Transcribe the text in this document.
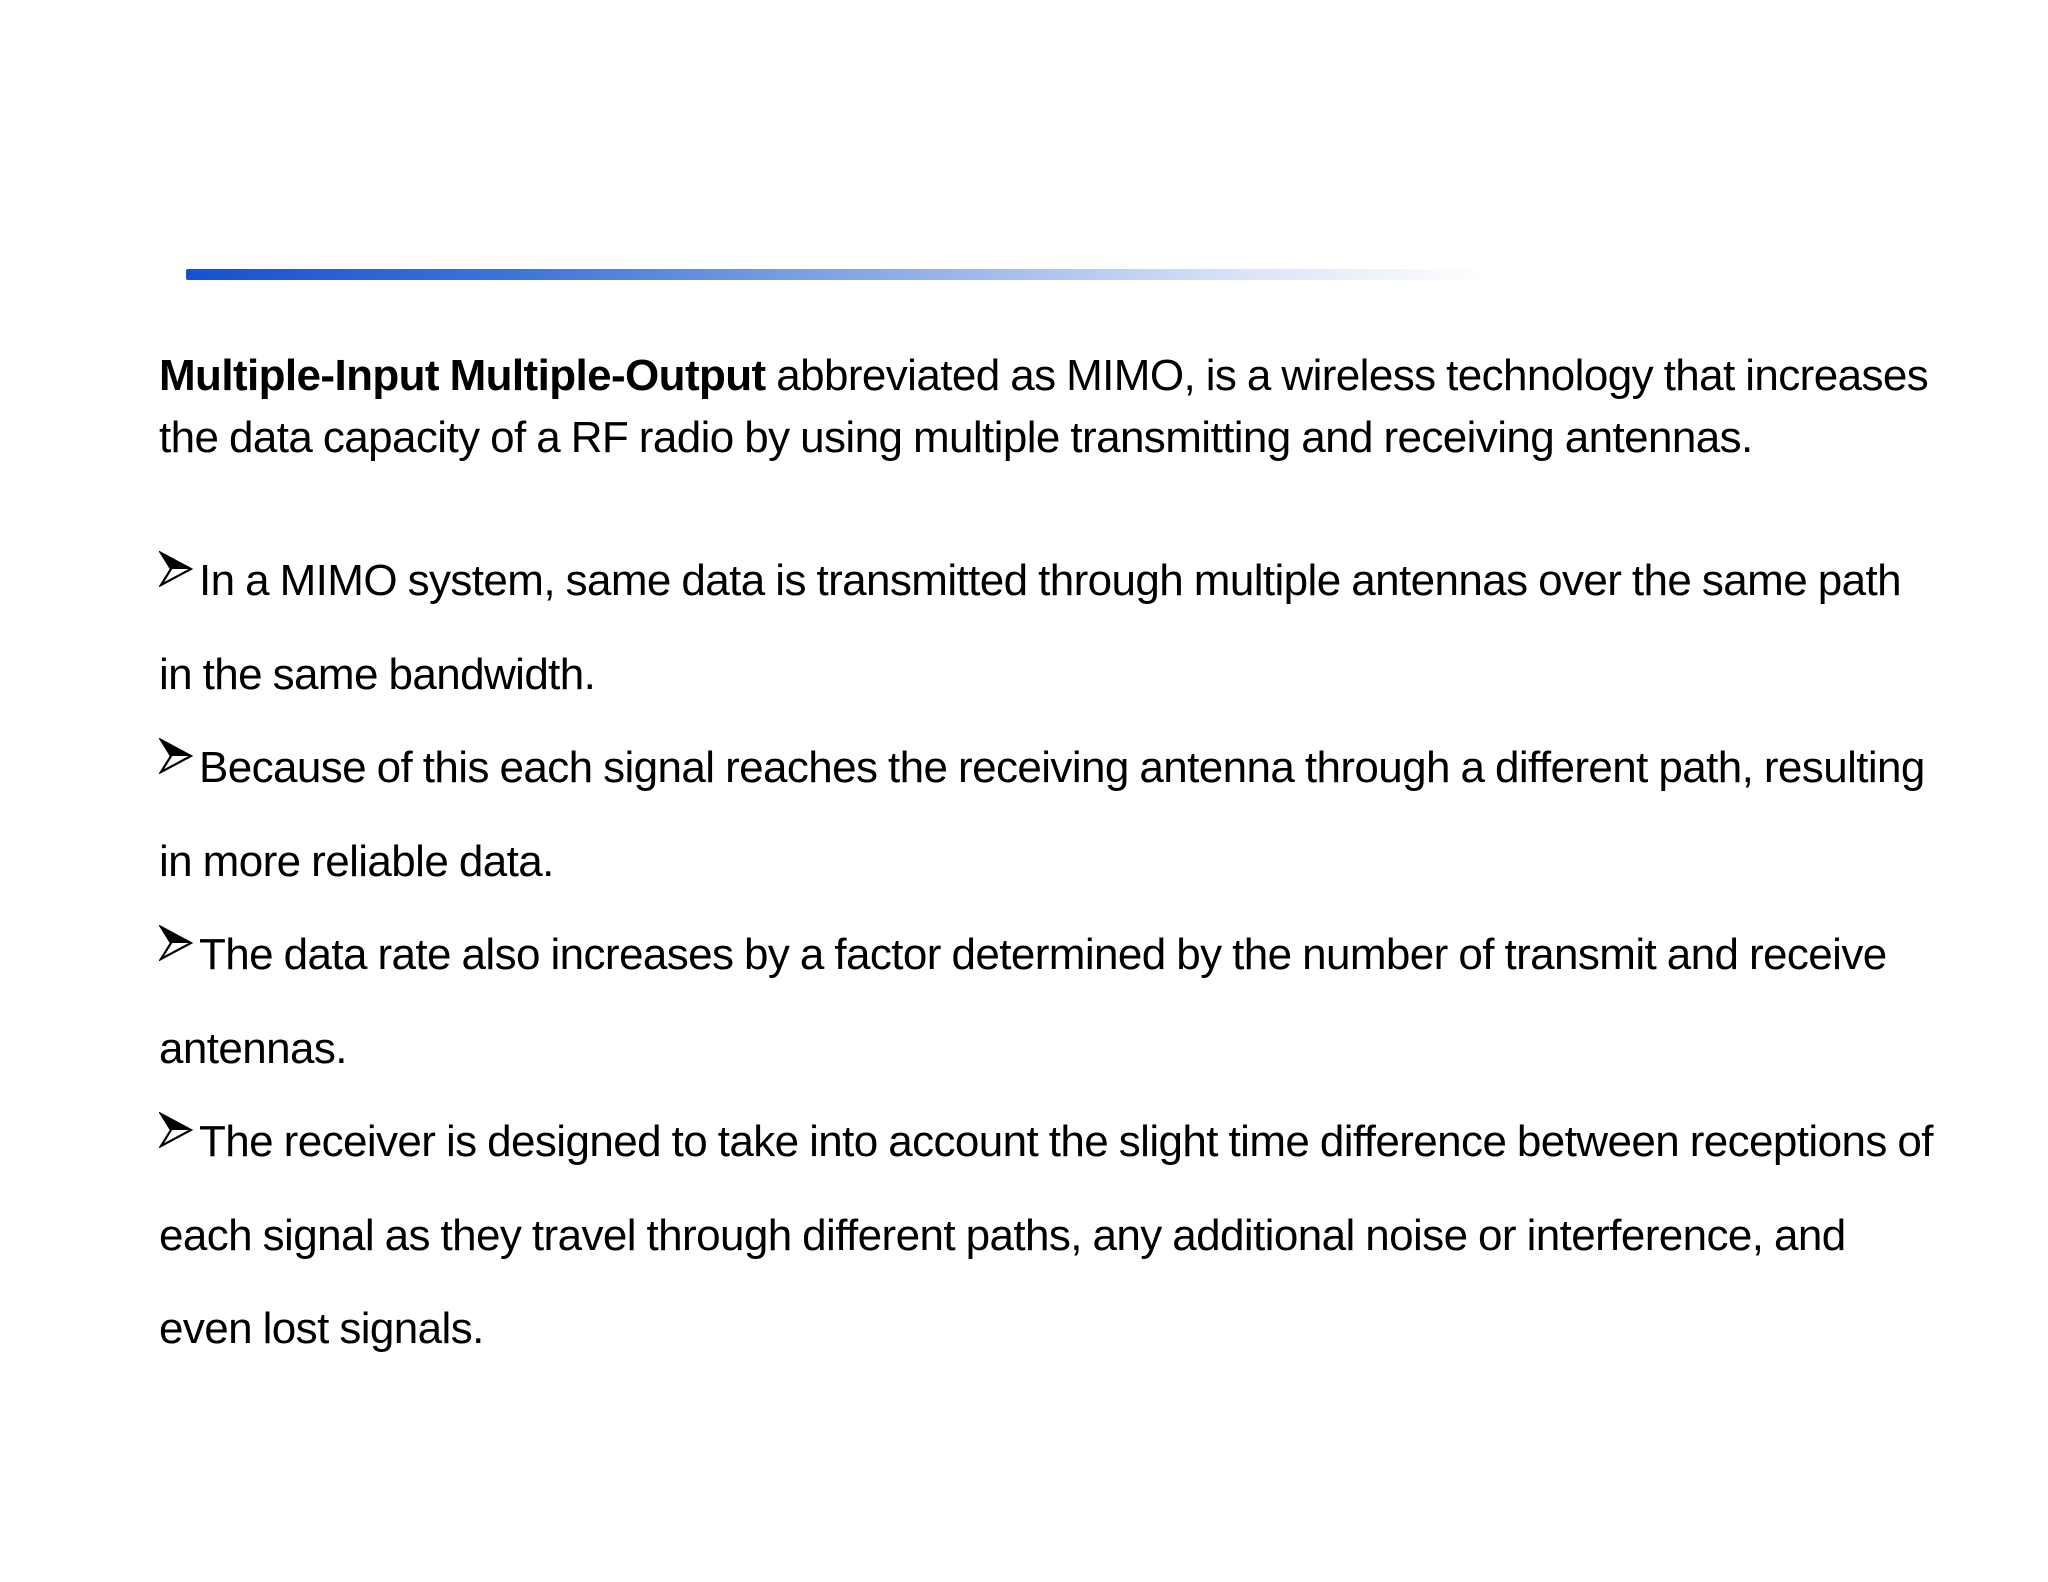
Multiple-Input Multiple-Output abbreviated as MIMO, is a wireless technology that increases the data capacity of a RF radio by using multiple transmitting and receiving antennas.

In a MIMO system, same data is transmitted through multiple antennas over the same path in the same bandwidth.
Because of this each signal reaches the receiving antenna through a different path, resulting in more reliable data.
The data rate also increases by a factor determined by the number of transmit and receive antennas.
The receiver is designed to take into account the slight time difference between receptions of each signal as they travel through different paths, any additional noise or interference, and even lost signals.
